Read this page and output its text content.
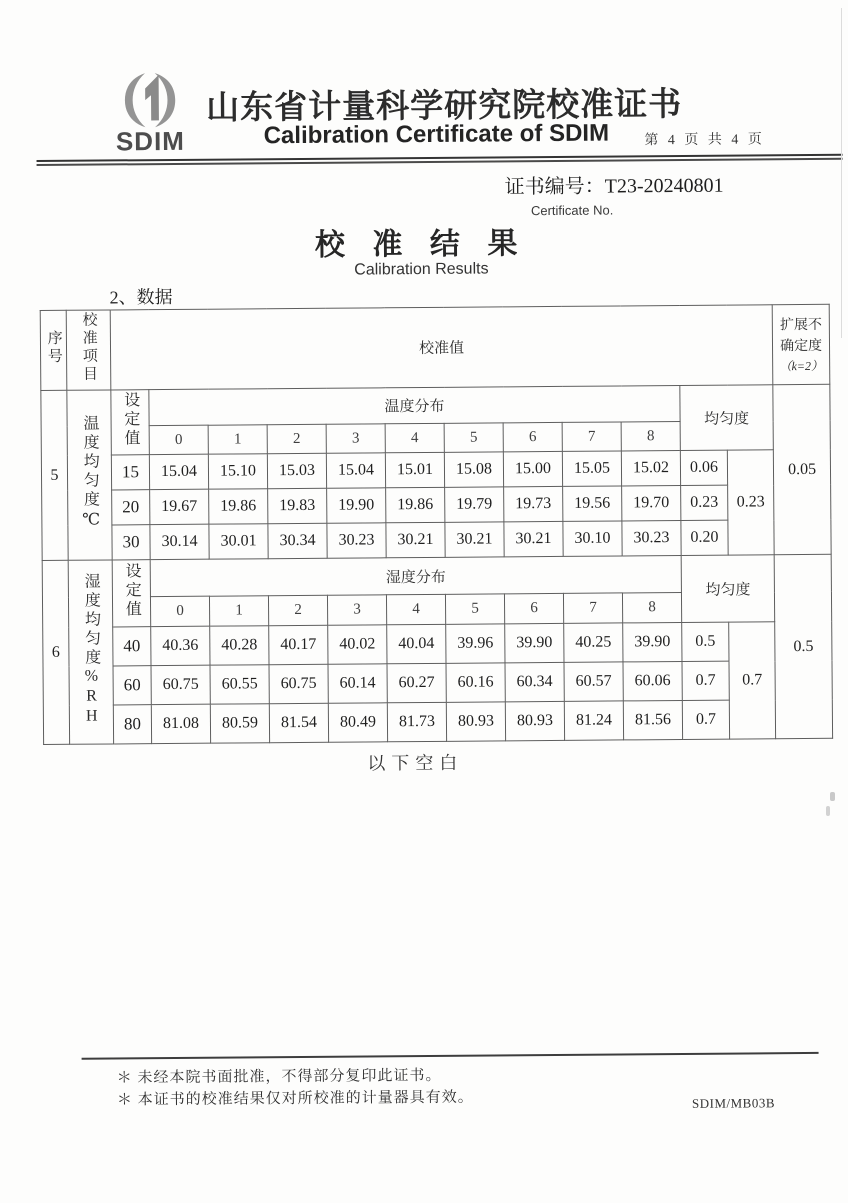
SDIM
山东省计量科学研究院校准证书
Calibration Certificate of SDIM	第 4 页 共 4 页
证书编号：T23-20240801
Certificate No.
校 准 结 果
Calibration Results
2、数据
序号	校准项目	校准值												扩展不确定度
（k=2）

5	温度均匀度℃	设定值	温度分布									均匀度		0.05
			0	1	2	3	4	5	6	7	8			
		15	15.04	15.10	15.03	15.04	15.01	15.08	15.00	15.05	15.02	0.06	0.23	
		20	19.67	19.86	19.83	19.90	19.86	19.79	19.73	19.56	19.70	0.23		
		30	30.14	30.01	30.34	30.23	30.21	30.21	30.21	30.10	30.23	0.20		
6	湿度均匀度%RH	设定值	湿度分布									均匀度		0.5
			0	1	2	3	4	5	6	7	8			
		40	40.36	40.28	40.17	40.02	40.04	39.96	39.90	40.25	39.90	0.5	0.7	
		60	60.75	60.55	60.75	60.14	60.27	60.16	60.34	60.57	60.06	0.7		
		80	81.08	80.59	81.54	80.49	81.73	80.93	80.93	81.24	81.56	0.7		
以下空白
＊ 未经本院书面批准，不得部分复印此证书。
＊ 本证书的校准结果仅对所校准的计量器具有效。	SDIM/MB03B
